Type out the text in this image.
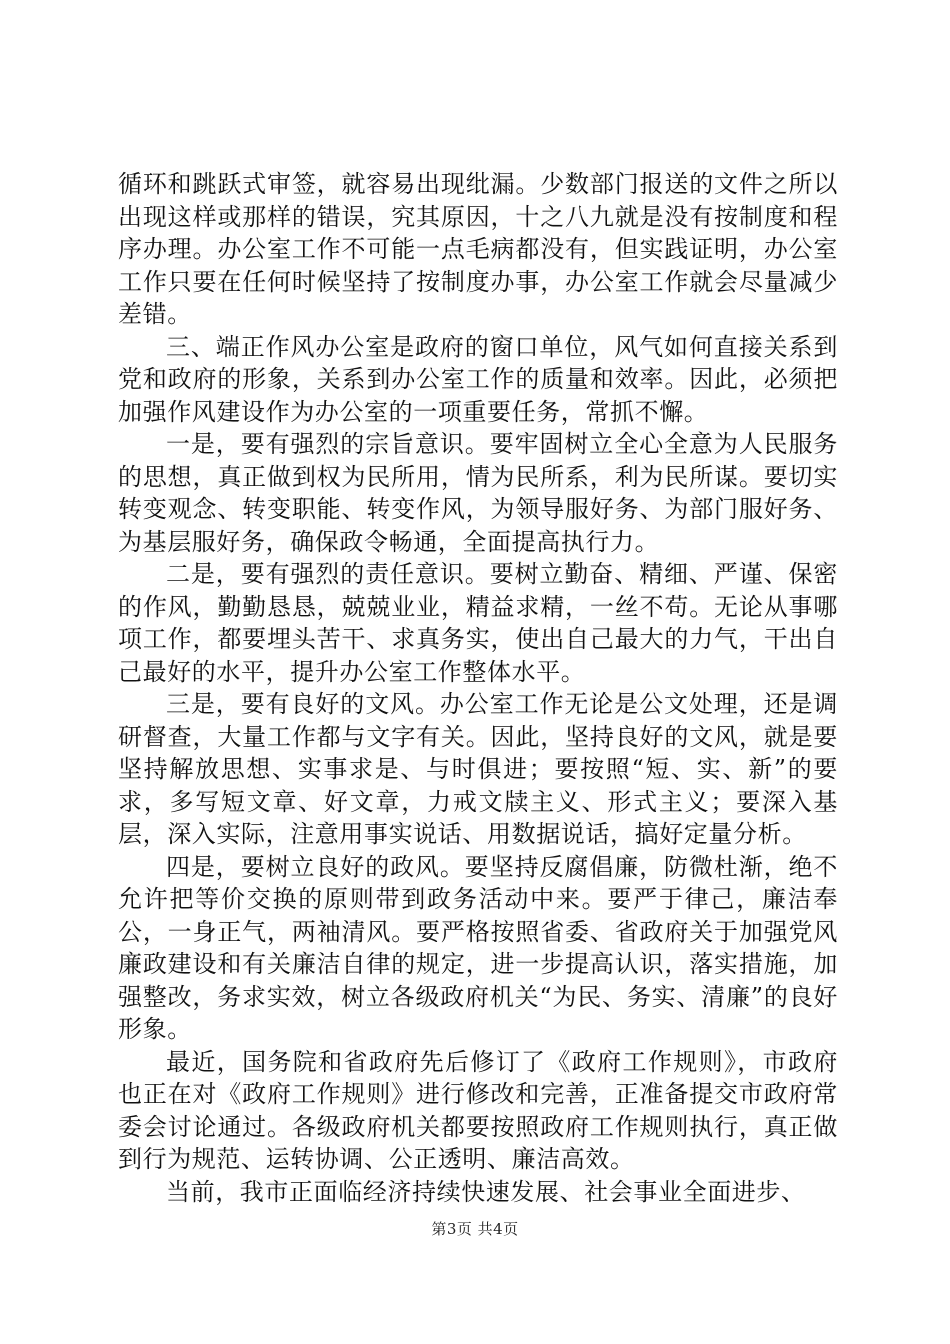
循环和跳跃式审签，就容易出现纰漏。少数部门报送的文件之所以出现这样或那样的错误，究其原因，十之八九就是没有按制度和程序办理。办公室工作不可能一点毛病都没有，但实践证明，办公室工作只要在任何时候坚持了按制度办事，办公室工作就会尽量减少差错。

三、端正作风办公室是政府的窗口单位，风气如何直接关系到党和政府的形象，关系到办公室工作的质量和效率。因此，必须把加强作风建设作为办公室的一项重要任务，常抓不懈。

一是，要有强烈的宗旨意识。要牢固树立全心全意为人民服务的思想，真正做到权为民所用，情为民所系，利为民所谋。要切实转变观念、转变职能、转变作风，为领导服好务、为部门服好务、为基层服好务，确保政令畅通，全面提高执行力。

二是，要有强烈的责任意识。要树立勤奋、精细、严谨、保密的作风，勤勤恳恳，兢兢业业，精益求精，一丝不苟。无论从事哪项工作，都要埋头苦干、求真务实，使出自己最大的力气，干出自己最好的水平，提升办公室工作整体水平。

三是，要有良好的文风。办公室工作无论是公文处理，还是调研督查，大量工作都与文字有关。因此，坚持良好的文风，就是要坚持解放思想、实事求是、与时俱进；要按照“短、实、新”的要求，多写短文章、好文章，力戒文牍主义、形式主义；要深入基层，深入实际，注意用事实说话、用数据说话，搞好定量分析。

四是，要树立良好的政风。要坚持反腐倡廉，防微杜渐，绝不允许把等价交换的原则带到政务活动中来。要严于律己，廉洁奉公，一身正气，两袖清风。要严格按照省委、省政府关于加强党风廉政建设和有关廉洁自律的规定，进一步提高认识，落实措施，加强整改，务求实效，树立各级政府机关“为民、务实、清廉”的良好形象。

最近，国务院和省政府先后修订了《政府工作规则》，市政府也正在对《政府工作规则》进行修改和完善，正准备提交市政府常委会讨论通过。各级政府机关都要按照政府工作规则执行，真正做到行为规范、运转协调、公正透明、廉洁高效。

当前，我市正面临经济持续快速发展、社会事业全面进步、

第3页 共4页
